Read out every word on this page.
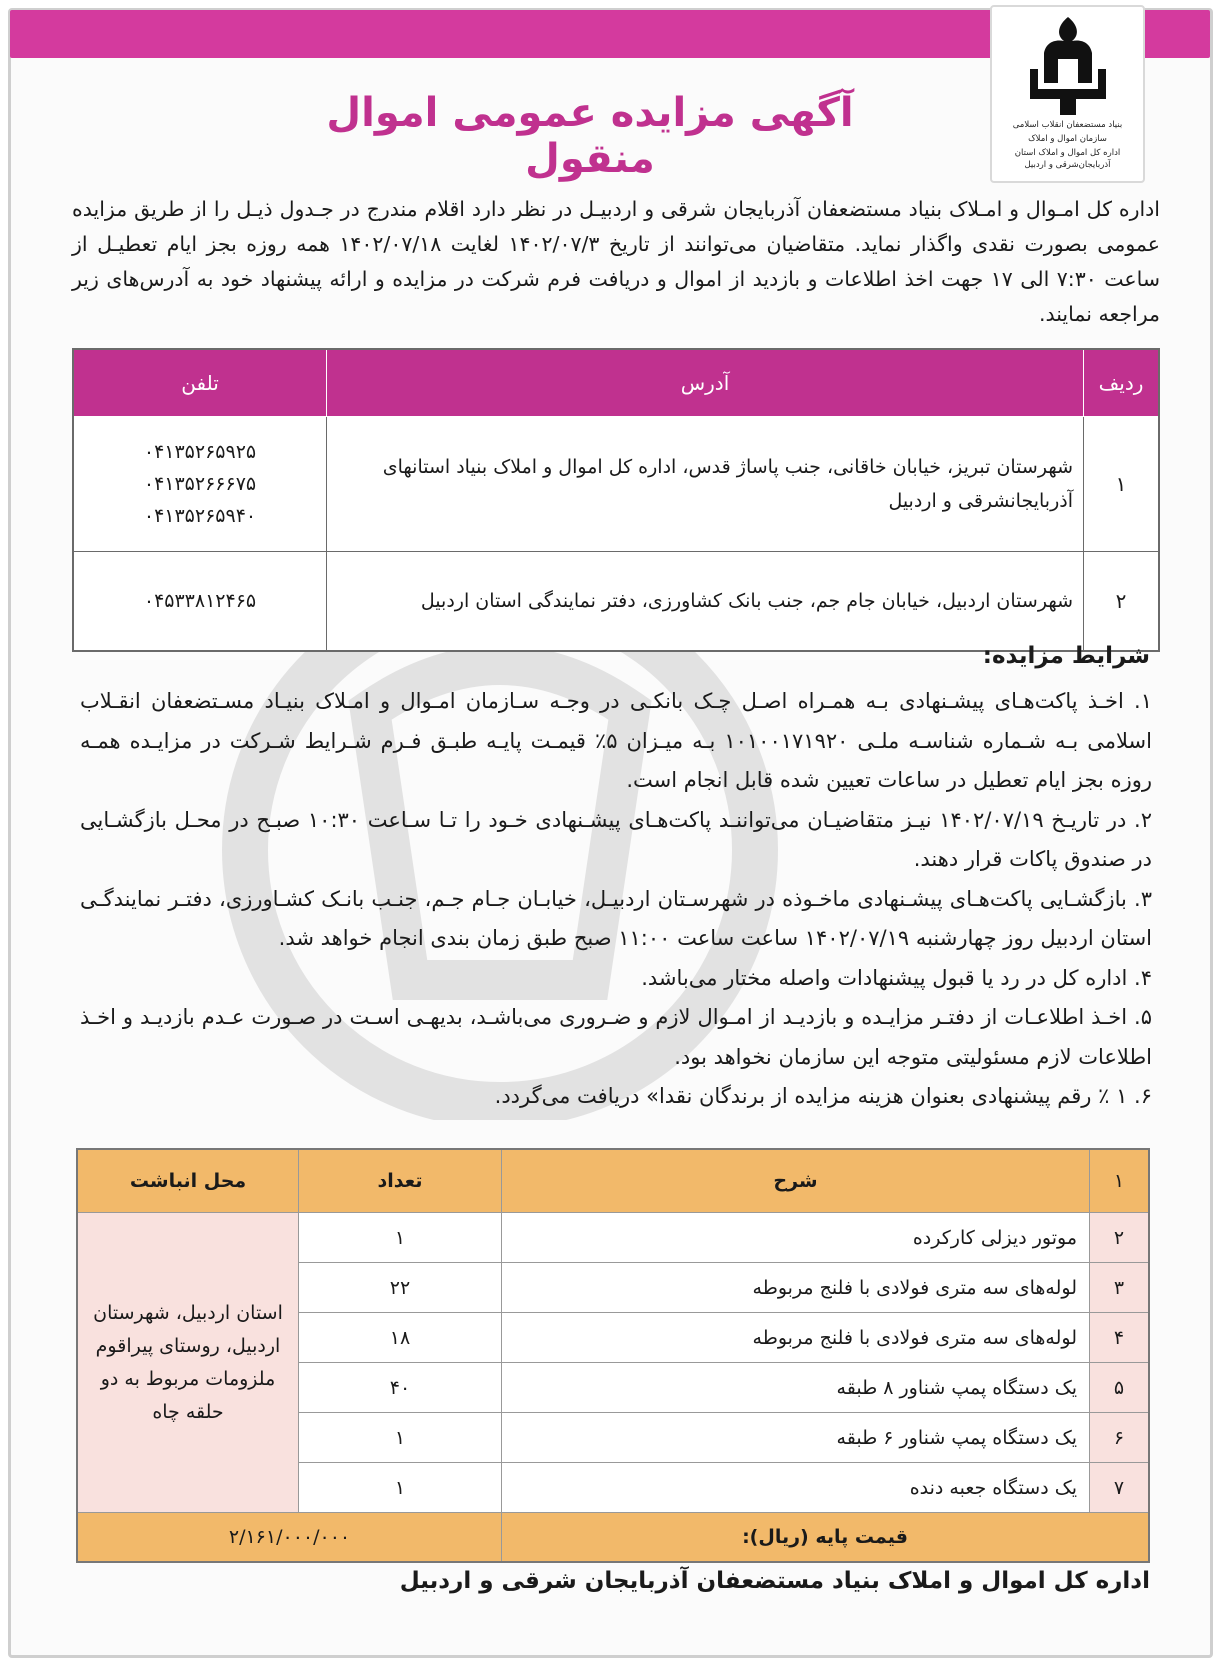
بنیاد مستضعفان انقلاب اسلامی
سازمان اموال و املاک
اداره کل اموال و املاک استان آذربایجان‌شرقی و اردبیل
آگهی مزایده عمومی اموال منقول
اداره کل امـوال و امـلاک بنیاد مستضعفان آذربایجان شرقی و اردبیـل در نظر دارد اقلام مندرج در جـدول ذیـل را از طریق مزایده عمومی بصورت نقدی واگذار نماید. متقاضیان می‌توانند از تاریخ ۱۴۰۲/۰۷/۳ لغایت ۱۴۰۲/۰۷/۱۸ همه روزه بجز ایام تعطیـل از ساعت ۷:۳۰ الی ۱۷ جهت اخذ اطلاعات و بازدید از اموال و دریافت فرم شرکت در مزایده و ارائه پیشنهاد خود به آدرس‌های زیر مراجعه نمایند.
ردیف	آدرس	تلفن
۱	شهرستان تبریز، خیابان خاقانی، جنب پاساژ قدس، اداره کل اموال و املاک بنیاد استانهای آذربایجانشرقی و اردبیل	۰۴۱۳۵۲۶۵۹۲۵
۰۴۱۳۵۲۶۶۶۷۵
۰۴۱۳۵۲۶۵۹۴۰

۲	شهرستان اردبیل، خیابان جام جم، جنب بانک کشاورزی، دفتر نمایندگی استان اردبیل	۰۴۵۳۳۸۱۲۴۶۵
شرایط مزایده:

۱. اخـذ پاکت‌هـای پیشـنهادی بـه همـراه اصـل چـک بانکـی در وجـه سـازمان امـوال و امـلاک بنیـاد مسـتضعفان انقـلاب اسلامی بـه شـماره شناسـه ملـی ۱۰۱۰۰۱۷۱۹۲۰ بـه میـزان ۵٪ قیمـت پایـه طبـق فـرم شـرایط شـرکت در مزایـده همـه روزه بجز ایام تعطیل در ساعات تعیین شده قابل انجام است.

۲. در تاریـخ ۱۴۰۲/۰۷/۱۹ نیـز متقاضیـان می‌تواننـد پاکت‌هـای پیشـنهادی خـود را تـا سـاعت ۱۰:۳۰ صبـح در محـل بازگشـایی در صندوق پاکات قرار دهند.

۳. بازگشـایی پاکت‌هـای پیشـنهادی ماخـوذه در شهرسـتان اردبیـل، خیابـان جـام جـم، جنـب بانـک کشـاورزی، دفتـر نمایندگـی استان اردبیل روز چهارشنبه ۱۴۰۲/۰۷/۱۹ ساعت ساعت ۱۱:۰۰ صبح طبق زمان بندی انجام خواهد شد.

۴. اداره کل در رد یا قبول پیشنهادات واصله مختار می‌باشد.

۵. اخـذ اطلاعـات از دفتـر مزایـده و بازدیـد از امـوال لازم و ضـروری می‌باشـد، بدیهـی اسـت در صـورت عـدم بازدیـد و اخـذ اطلاعات لازم مسئولیتی متوجه این سازمان نخواهد بود.

۶. ۱ ٪ رقم پیشنهادی بعنوان هزینه مزایده از برندگان نقدا» دریافت می‌گردد.

۱	شرح	تعداد	محل انباشت
۲	موتور دیزلی کارکرده	۱	استان اردبیل، شهرستان اردبیل، روستای پیراقوم ملزومات مربوط به دو حلقه چاه
۳	لوله‌های سه متری فولادی با فلنج مربوطه	۲۲	
۴	لوله‌های سه متری فولادی با فلنج مربوطه	۱۸	
۵	یک دستگاه پمپ شناور ۸ طبقه	۴۰	
۶	یک دستگاه پمپ شناور ۶ طبقه	۱	
۷	یک دستگاه جعبه دنده	۱	
قیمت پایه (ریال):		۲/۱۶۱/۰۰۰/۰۰۰	
اداره کل اموال و املاک بنیاد مستضعفان آذربایجان شرقی و اردبیل
